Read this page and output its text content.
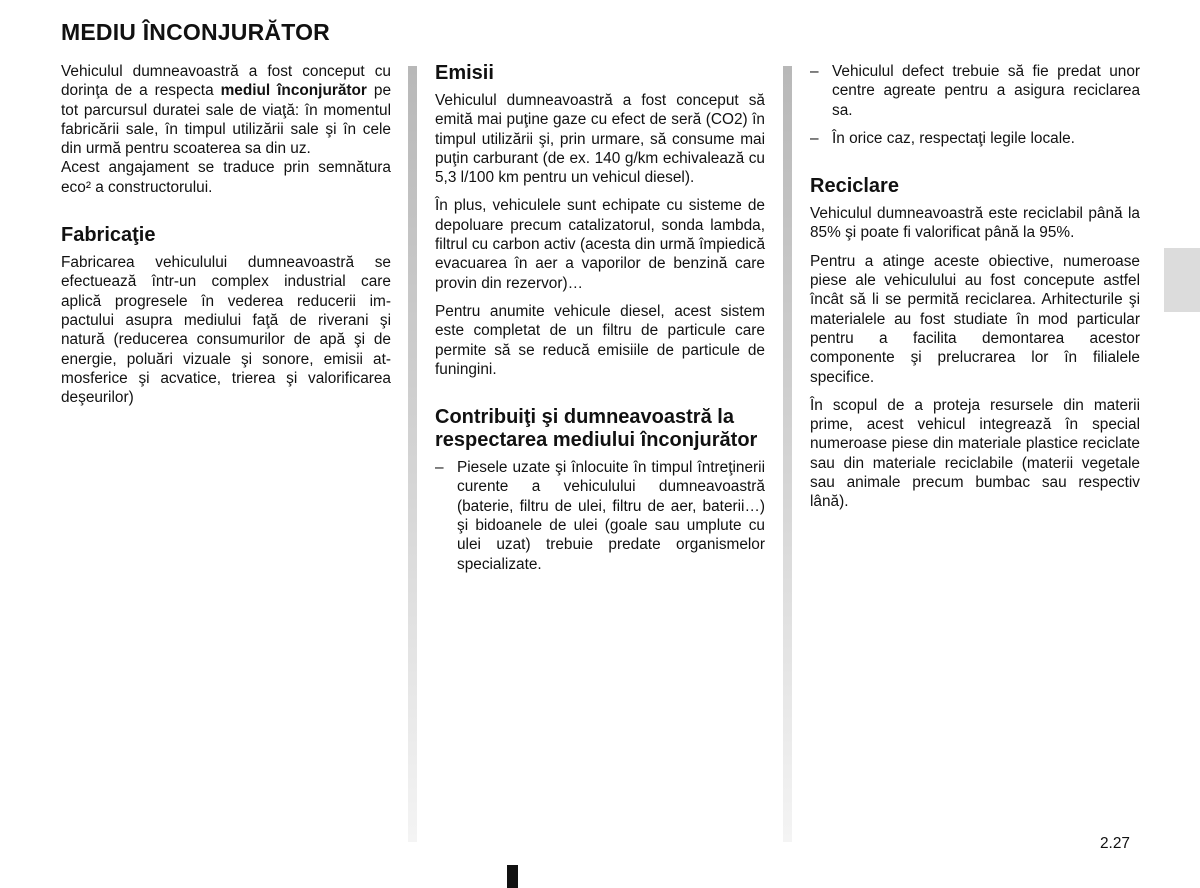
MEDIU ÎNCONJURĂTOR

Vehiculul dumneavoastră a fost conceput cu dorinţa de a respecta mediul înconjurător pe tot parcursul duratei sale de viaţă: în momentul fabricării sale, în timpul utilizării sale şi în cele din urmă pentru scoaterea sa din uz.
Acest angajament se traduce prin semnătura eco² a constructorului.

Fabricaţie

Fabricarea vehiculului dumneavoastră se efectuează într-un complex industrial care aplică progresele în vederea reducerii impactului asupra mediului faţă de riverani şi natură (reducerea consumurilor de apă şi de energie, poluări vizuale şi sonore, emisii atmosferice şi acvatice, trierea şi valorificarea deşeurilor)

Emisii

Vehiculul dumneavoastră a fost conceput să emită mai puţine gaze cu efect de seră (CO2) în timpul utilizării şi, prin urmare, să consume mai puţin carburant (de ex. 140 g/km echivalează cu 5,3 l/100 km pentru un vehicul diesel).

În plus, vehiculele sunt echipate cu sisteme de depoluare precum catalizatorul, sonda lambda, filtrul cu carbon activ (acesta din urmă împiedică evacuarea în aer a vaporilor de benzină care provin din rezervor)…

Pentru anumite vehicule diesel, acest sistem este completat de un filtru de particule care permite să se reducă emisiile de particule de funingini.

Contribuiţi şi dumneavoastră la respectarea mediului înconjurător
– Piesele uzate şi înlocuite în timpul întreţinerii curente a vehiculului dumneavoastră (baterie, filtru de ulei, filtru de aer, baterii…) şi bidoanele de ulei (goale sau umplute cu ulei uzat) trebuie predate organismelor specializate.
– Vehiculul defect trebuie să fie predat unor centre agreate pentru a asigura reciclarea sa.
– În orice caz, respectaţi legile locale.
Reciclare

Vehiculul dumneavoastră este reciclabil până la 85% şi poate fi valorificat până la 95%.

Pentru a atinge aceste obiective, numeroase piese ale vehiculului au fost concepute astfel încât să li se permită reciclarea. Arhitecturile şi materialele au fost studiate în mod particular pentru a facilita demontarea acestor componente şi prelucrarea lor în filialele specifice.

În scopul de a proteja resursele din materii prime, acest vehicul integrează în special numeroase piese din materiale plastice reciclate sau din materiale reciclabile (materii vegetale sau animale precum bumbac sau respectiv lână).

2.27
